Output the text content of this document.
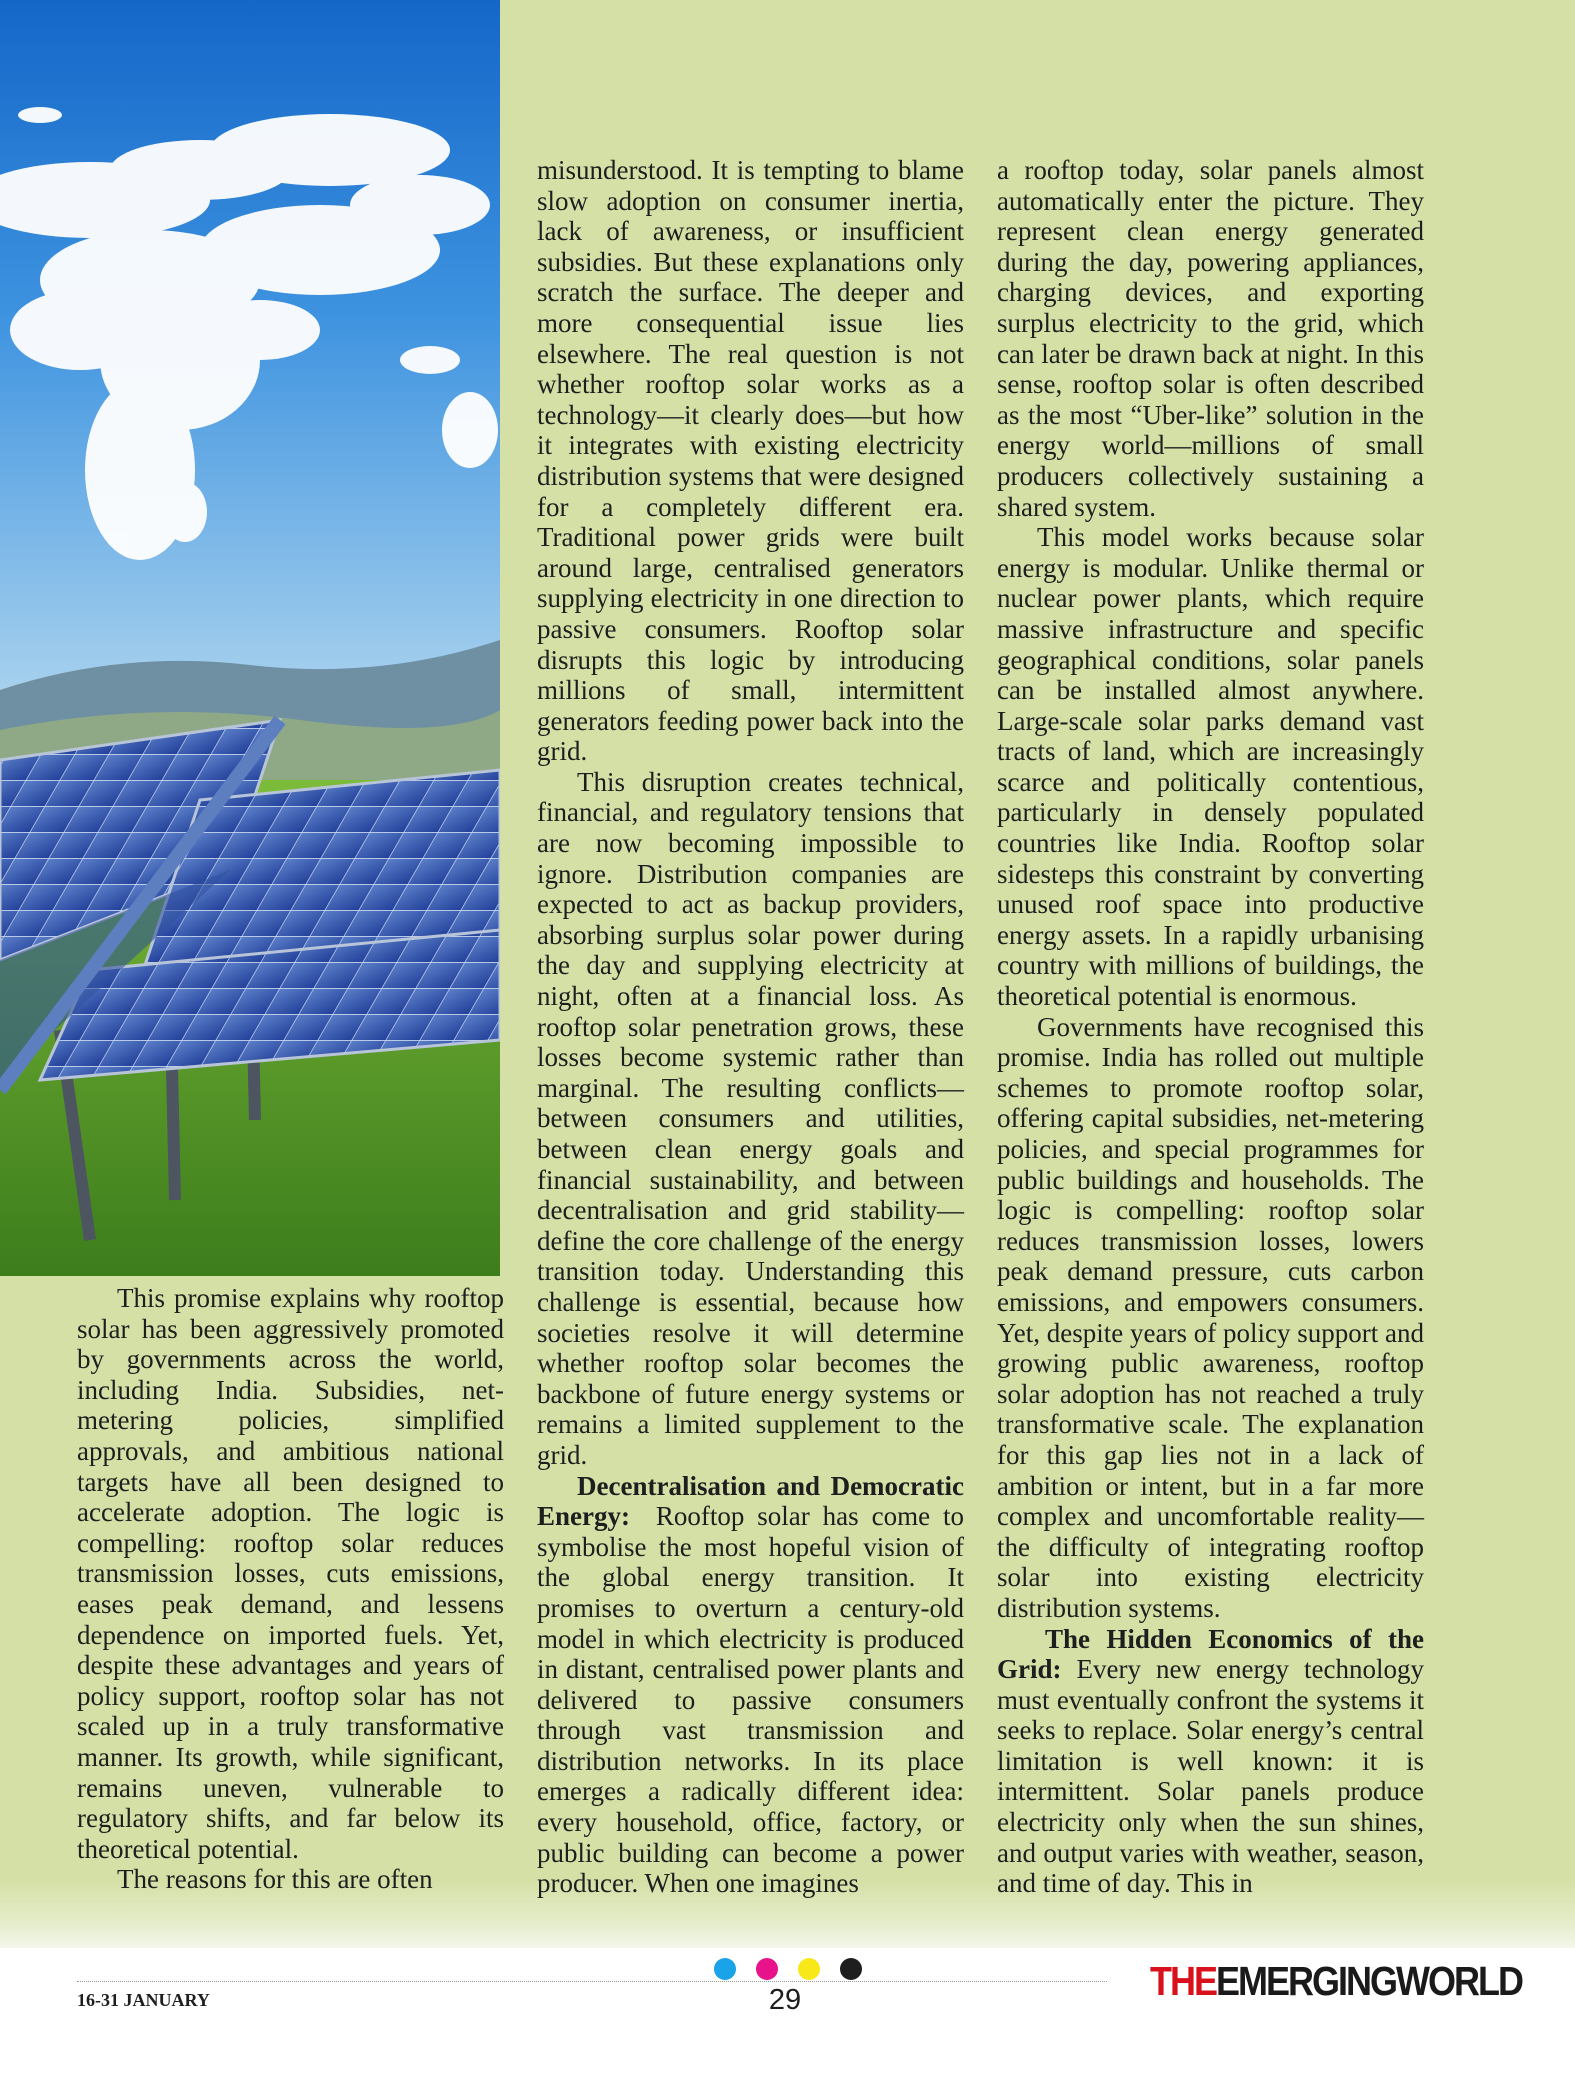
This promise explains why rooftop solar has been aggressively promoted by governments across the world, including India. Subsidies, net-metering policies, simplified approvals, and ambitious national targets have all been designed to accelerate adoption. The logic is compelling: rooftop solar reduces transmission losses, cuts emissions, eases peak demand, and lessens dependence on imported fuels. Yet, despite these advantages and years of policy support, rooftop solar has not scaled up in a truly transformative manner. Its growth, while significant, remains uneven, vulnerable to regulatory shifts, and far below its theoretical potential.

The reasons for this are often

misunderstood. It is tempting to blame slow adoption on consumer inertia, lack of awareness, or insufficient subsidies. But these explanations only scratch the surface. The deeper and more consequential issue lies elsewhere. The real question is not whether rooftop solar works as a technology—it clearly does—but how it integrates with existing electricity distribution systems that were designed for a completely different era. Traditional power grids were built around large, centralised generators supplying electricity in one direction to passive consumers. Rooftop solar disrupts this logic by introducing millions of small, intermittent generators feeding power back into the grid.

This disruption creates technical, financial, and regulatory tensions that are now becoming impossible to ignore. Distribution companies are expected to act as backup providers, absorbing surplus solar power during the day and supplying electricity at night, often at a financial loss. As rooftop solar penetration grows, these losses become systemic rather than marginal. The resulting conflicts—between consumers and utilities, between clean energy goals and financial sustainability, and between decentralisation and grid stability—define the core challenge of the energy transition today. Understanding this challenge is essential, because how societies resolve it will determine whether rooftop solar becomes the backbone of future energy systems or remains a limited supplement to the grid.

Decentralisation and Democratic Energy: Rooftop solar has come to symbolise the most hopeful vision of the global energy transition. It promises to overturn a century-old model in which electricity is produced in distant, centralised power plants and delivered to passive consumers through vast transmission and distribution networks. In its place emerges a radically different idea: every household, office, factory, or public building can become a power producer. When one imagines

a rooftop today, solar panels almost automatically enter the picture. They represent clean energy generated during the day, powering appliances, charging devices, and exporting surplus electricity to the grid, which can later be drawn back at night. In this sense, rooftop solar is often described as the most “Uber-like” solution in the energy world—millions of small producers collectively sustaining a shared system.

This model works because solar energy is modular. Unlike thermal or nuclear power plants, which require massive infrastructure and specific geographical conditions, solar panels can be installed almost anywhere. Large-scale solar parks demand vast tracts of land, which are increasingly scarce and politically contentious, particularly in densely populated countries like India. Rooftop solar sidesteps this constraint by converting unused roof space into productive energy assets. In a rapidly urbanising country with millions of buildings, the theoretical potential is enormous.

Governments have recognised this promise. India has rolled out multiple schemes to promote rooftop solar, offering capital subsidies, net-metering policies, and special programmes for public buildings and households. The logic is compelling: rooftop solar reduces transmission losses, lowers peak demand pressure, cuts carbon emissions, and empowers consumers. Yet, despite years of policy support and growing public awareness, rooftop solar adoption has not reached a truly transformative scale. The explanation for this gap lies not in a lack of ambition or intent, but in a far more complex and uncomfortable reality—the difficulty of integrating rooftop solar into existing electricity distribution systems.

The Hidden Economics of the Grid: Every new energy technology must eventually confront the systems it seeks to replace. Solar energy’s central limitation is well known: it is intermittent. Solar panels produce electricity only when the sun shines, and output varies with weather, season, and time of day. This in

16-31 JANUARY	29	THEEMERGINGWORLD
